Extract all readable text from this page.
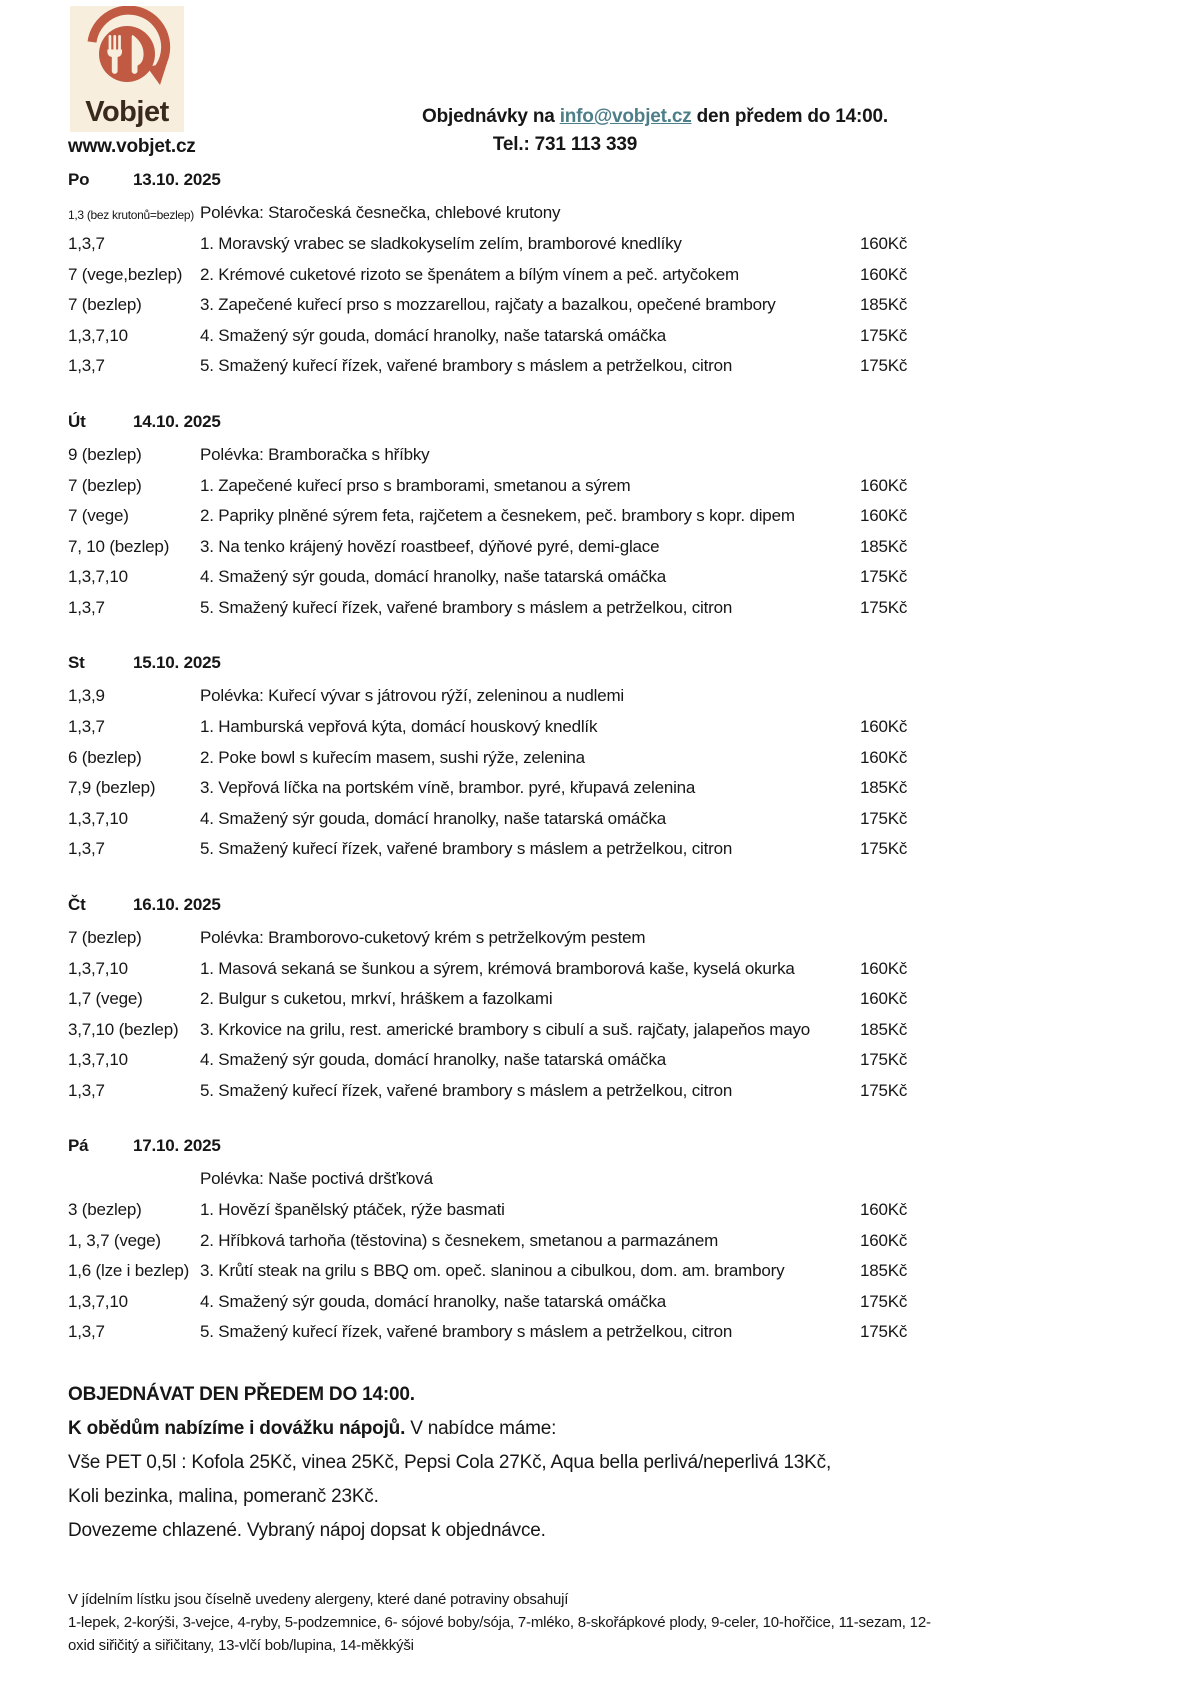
Vobjet	Objednávky na info@vobjet.cz den předem do 14:00.
Tel.: 731 113 339
www.vobjet.cz
Po	13.10. 2025
1,3 (bez krutonů=bezlep) Polévka: Staročeská česnečka, chlebové krutony
1,3,7	1. Moravský vrabec se sladkokyselím zelím, bramborové knedlíky	160Kč
7 (vege,bezlep) 2. Krémové cuketové rizoto se špenátem a bílým vínem a peč. artyčokem	160Kč
7 (bezlep)	3. Zapečené kuřecí prso s mozzarellou, rajčaty a bazalkou, opečené brambory	185Kč
1,3,7,10	4. Smažený sýr gouda, domácí hranolky, naše tatarská omáčka	175Kč
1,3,7	5. Smažený kuřecí řízek, vařené brambory s máslem a petrželkou, citron	175Kč
Út	14.10. 2025
9 (bezlep)	Polévka: Bramboračka s hříbky
7 (bezlep)	1. Zapečené kuřecí prso s bramborami, smetanou a sýrem	160Kč
7 (vege)	2. Papriky plněné sýrem feta, rajčetem a česnekem, peč. brambory s kopr. dipem	160Kč
7, 10 (bezlep) 3. Na tenko krájený hovězí roastbeef, dýňové pyré, demi-glace	185Kč
1,3,7,10	4. Smažený sýr gouda, domácí hranolky, naše tatarská omáčka	175Kč
1,3,7	5. Smažený kuřecí řízek, vařené brambory s máslem a petrželkou, citron	175Kč
St	15.10. 2025
1,3,9	Polévka: Kuřecí vývar s játrovou rýží, zeleninou a nudlemi
1,3,7	1. Hamburská vepřová kýta, domácí houskový knedlík	160Kč
6 (bezlep)	2. Poke bowl s kuřecím masem, sushi rýže, zelenina	160Kč
7,9 (bezlep)	3. Vepřová líčka na portském víně, brambor. pyré, křupavá zelenina	185Kč
1,3,7,10	4. Smažený sýr gouda, domácí hranolky, naše tatarská omáčka	175Kč
1,3,7	5. Smažený kuřecí řízek, vařené brambory s máslem a petrželkou, citron	175Kč
Čt	16.10. 2025
7 (bezlep)	Polévka: Bramborovo-cuketový krém s petrželkovým pestem
1,3,7,10	1. Masová sekaná se šunkou a sýrem, krémová bramborová kaše, kyselá okurka	160Kč
1,7 (vege)	2. Bulgur s cuketou, mrkví, hráškem a fazolkami	160Kč
3,7,10 (bezlep) 3. Krkovice na grilu, rest. americké brambory s cibulí a suš. rajčaty, jalapeňos mayo	185Kč
1,3,7,10	4. Smažený sýr gouda, domácí hranolky, naše tatarská omáčka	175Kč
1,3,7	5. Smažený kuřecí řízek, vařené brambory s máslem a petrželkou, citron	175Kč
Pá	17.10. 2025
Polévka: Naše poctivá dršťková
3 (bezlep)	1. Hovězí španělský ptáček, rýže basmati	160Kč
1, 3,7 (vege) 2. Hříbková tarhoňa (těstovina) s česnekem, smetanou a parmazánem	160Kč
1,6 (lze i bezlep) 3. Krůtí steak na grilu s BBQ om. opeč. slaninou a cibulkou, dom. am. brambory	185Kč
1,3,7,10	4. Smažený sýr gouda, domácí hranolky, naše tatarská omáčka	175Kč
1,3,7	5. Smažený kuřecí řízek, vařené brambory s máslem a petrželkou, citron	175Kč
OBJEDNÁVAT DEN PŘEDEM DO 14:00.
K obědům nabízíme i dovážku nápojů. V nabídce máme:
Vše PET 0,5l : Kofola 25Kč, vinea 25Kč, Pepsi Cola 27Kč, Aqua bella perlivá/neperlivá 13Kč,
Koli bezinka, malina, pomeranč 23Kč.
Dovezeme chlazené. Vybraný nápoj dopsat k objednávce.
V jídelním lístku jsou číselně uvedeny alergeny, které dané potraviny obsahují
1-lepek, 2-korýši, 3-vejce, 4-ryby, 5-podzemnice, 6- sójové boby/sója, 7-mléko, 8-skořápkové plody, 9-celer, 10-hořčice, 11-sezam, 12-
oxid siřičitý a siřičitany, 13-vlčí bob/lupina, 14-měkkýši
